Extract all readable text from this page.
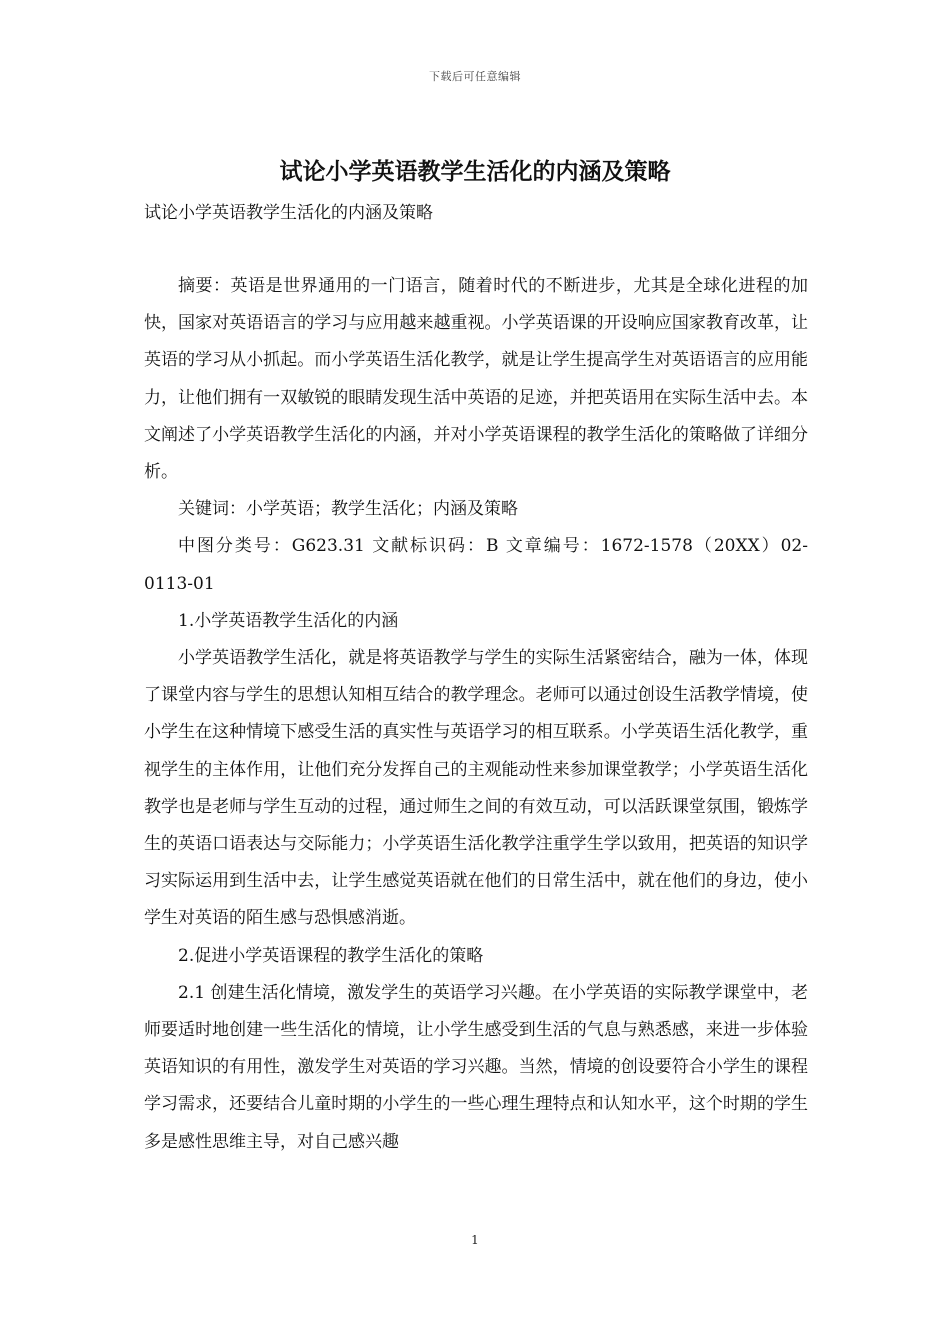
下载后可任意编辑
试论小学英语教学生活化的内涵及策略

试论小学英语教学生活化的内涵及策略

摘要：英语是世界通用的一门语言，随着时代的不断进步，尤其是全球化进程的加快，国家对英语语言的学习与应用越来越重视。小学英语课的开设响应国家教育改革，让英语的学习从小抓起。而小学英语生活化教学，就是让学生提高学生对英语语言的应用能力，让他们拥有一双敏锐的眼睛发现生活中英语的足迹，并把英语用在实际生活中去。本文阐述了小学英语教学生活化的内涵，并对小学英语课程的教学生活化的策略做了详细分析。

关键词：小学英语；教学生活化；内涵及策略

中图分类号：G623.31 文献标识码：B 文章编号：1672-1578（20XX）02-0113-01

1.小学英语教学生活化的内涵

小学英语教学生活化，就是将英语教学与学生的实际生活紧密结合，融为一体，体现了课堂内容与学生的思想认知相互结合的教学理念。老师可以通过创设生活教学情境，使小学生在这种情境下感受生活的真实性与英语学习的相互联系。小学英语生活化教学，重视学生的主体作用，让他们充分发挥自己的主观能动性来参加课堂教学；小学英语生活化教学也是老师与学生互动的过程，通过师生之间的有效互动，可以活跃课堂氛围，锻炼学生的英语口语表达与交际能力；小学英语生活化教学注重学生学以致用，把英语的知识学习实际运用到生活中去，让学生感觉英语就在他们的日常生活中，就在他们的身边，使小学生对英语的陌生感与恐惧感消逝。

2.促进小学英语课程的教学生活化的策略

2.1 创建生活化情境，激发学生的英语学习兴趣。在小学英语的实际教学课堂中，老师要适时地创建一些生活化的情境，让小学生感受到生活的气息与熟悉感，来进一步体验英语知识的有用性，激发学生对英语的学习兴趣。当然，情境的创设要符合小学生的课程学习需求，还要结合儿童时期的小学生的一些心理生理特点和认知水平，这个时期的学生多是感性思维主导，对自己感兴趣

1
